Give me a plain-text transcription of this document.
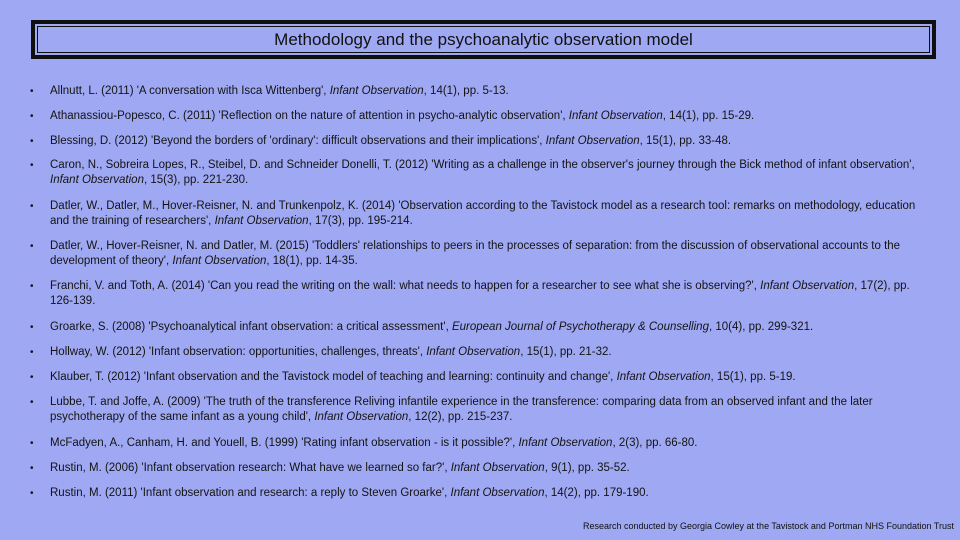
Methodology and the psychoanalytic observation model
•	Allnutt, L. (2011) 'A conversation with Isca Wittenberg', Infant Observation, 14(1), pp. 5-13.
•	Athanassiou-Popesco, C. (2011) 'Reflection on the nature of attention in psycho-analytic observation', Infant Observation, 14(1), pp. 15-29.
•	Blessing, D. (2012) 'Beyond the borders of 'ordinary': difficult observations and their implications', Infant Observation, 15(1), pp. 33-48.
•	Caron, N., Sobreira Lopes, R., Steibel, D. and Schneider Donelli, T. (2012) 'Writing as a challenge in the observer's journey through the Bick method of infant observation', Infant Observation, 15(3), pp. 221-230.
•	Datler, W., Datler, M., Hover-Reisner, N. and Trunkenpolz, K. (2014) 'Observation according to the Tavistock model as a research tool: remarks on methodology, education and the training of researchers', Infant Observation, 17(3), pp. 195-214.
•	Datler, W., Hover-Reisner, N. and Datler, M. (2015) 'Toddlers' relationships to peers in the processes of separation: from the discussion of observational accounts to the development of theory', Infant Observation, 18(1), pp. 14-35.
•	Franchi, V. and Toth, A. (2014) 'Can you read the writing on the wall: what needs to happen for a researcher to see what she is observing?', Infant Observation, 17(2), pp. 126-139.
•	Groarke, S. (2008) 'Psychoanalytical infant observation: a critical assessment', European Journal of Psychotherapy & Counselling, 10(4), pp. 299-321.
•	Hollway, W. (2012) 'Infant observation: opportunities, challenges, threats', Infant Observation, 15(1), pp. 21-32.
•	Klauber, T. (2012) 'Infant observation and the Tavistock model of teaching and learning: continuity and change', Infant Observation, 15(1), pp. 5-19.
•	Lubbe, T. and Joffe, A. (2009) 'The truth of the transference Reliving infantile experience in the transference: comparing data from an observed infant and the later psychotherapy of the same infant as a young child', Infant Observation, 12(2), pp. 215-237.
•	McFadyen, A., Canham, H. and Youell, B. (1999) 'Rating infant observation - is it possible?', Infant Observation, 2(3), pp. 66-80.
•	Rustin, M. (2006) 'Infant observation research: What have we learned so far?', Infant Observation, 9(1), pp. 35-52.
•	Rustin, M. (2011) 'Infant observation and research: a reply to Steven Groarke', Infant Observation, 14(2), pp. 179-190.
Research conducted by Georgia Cowley at the Tavistock and Portman NHS Foundation Trust
